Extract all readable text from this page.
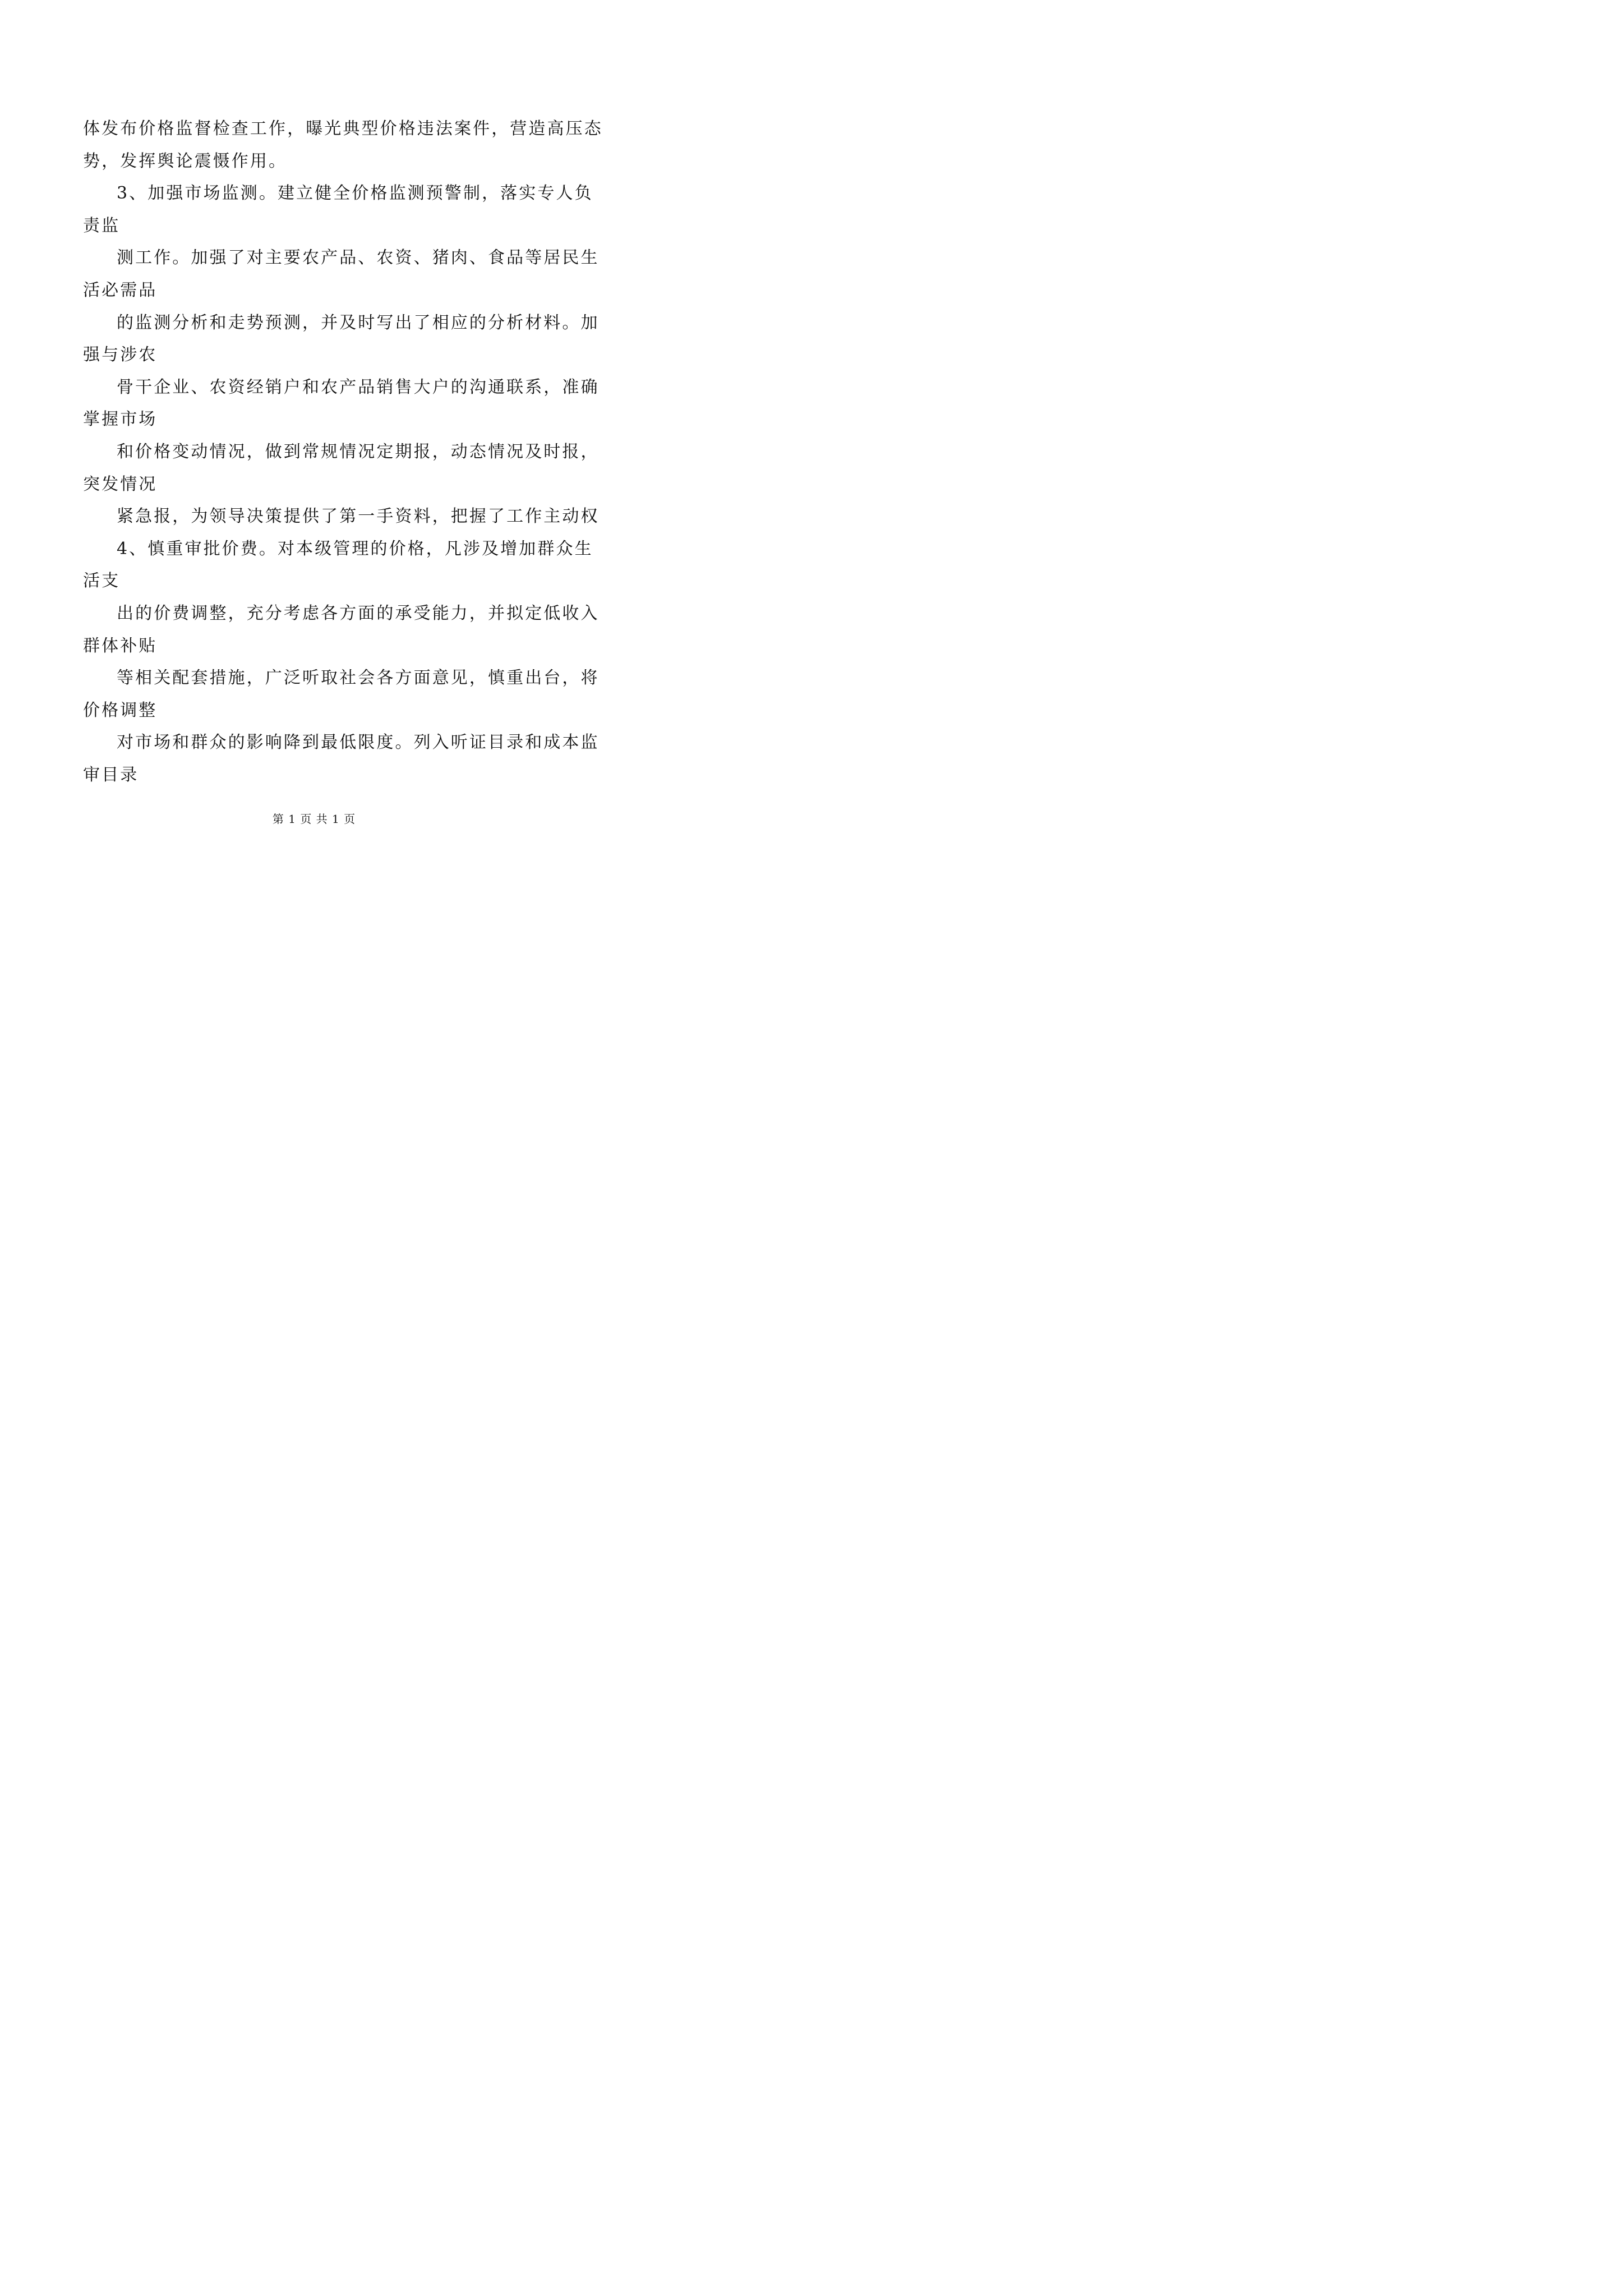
体发布价格监督检查工作，曝光典型价格违法案件，营造高压态
势，发挥舆论震慑作用。
3、加强市场监测。建立健全价格监测预警制，落实专人负
责监
测工作。加强了对主要农产品、农资、猪肉、食品等居民生
活必需品
的监测分析和走势预测，并及时写出了相应的分析材料。加
强与涉农
骨干企业、农资经销户和农产品销售大户的沟通联系，准确
掌握市场
和价格变动情况，做到常规情况定期报，动态情况及时报，
突发情况
紧急报，为领导决策提供了第一手资料，把握了工作主动权
4、慎重审批价费。对本级管理的价格，凡涉及增加群众生
活支
出的价费调整，充分考虑各方面的承受能力，并拟定低收入
群体补贴
等相关配套措施，广泛听取社会各方面意见，慎重出台，将
价格调整
对市场和群众的影响降到最低限度。列入听证目录和成本监
审目录
第 1 页 共 1 页
